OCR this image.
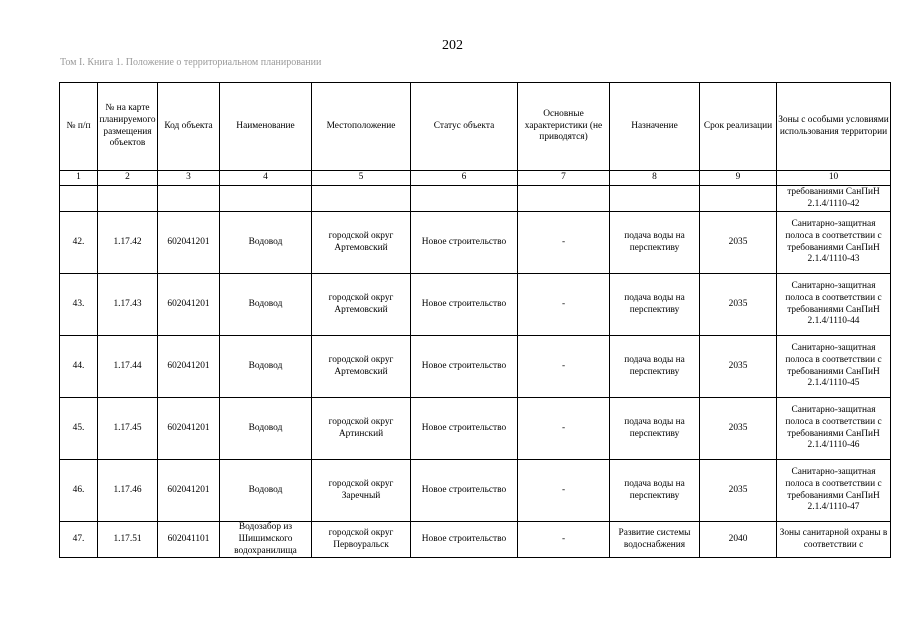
202
Том I. Книга 1. Положение о территориальном планировании
№ п/п	№ на карте планируемого размещения объектов	Код объекта	Наименование	Местоположение	Статус объекта	Основные характеристики (не приводятся)	Назначение	Срок реализации	Зоны с особыми условиями использования территории
1	2	3	4	5	6	7	8	9	10
									требованиями СанПиН 2.1.4/1110-42
42.	1.17.42	602041201	Водовод	городской округ Артемовский	Новое строительство	-	подача воды на перспективу	2035	Санитарно-защитная полоса в соответствии с требованиями СанПиН 2.1.4/1110-43
43.	1.17.43	602041201	Водовод	городской округ Артемовский	Новое строительство	-	подача воды на перспективу	2035	Санитарно-защитная полоса в соответствии с требованиями СанПиН 2.1.4/1110-44
44.	1.17.44	602041201	Водовод	городской округ Артемовский	Новое строительство	-	подача воды на перспективу	2035	Санитарно-защитная полоса в соответствии с требованиями СанПиН 2.1.4/1110-45
45.	1.17.45	602041201	Водовод	городской округ Артинский	Новое строительство	-	подача воды на перспективу	2035	Санитарно-защитная полоса в соответствии с требованиями СанПиН 2.1.4/1110-46
46.	1.17.46	602041201	Водовод	городской округ Заречный	Новое строительство	-	подача воды на перспективу	2035	Санитарно-защитная полоса в соответствии с требованиями СанПиН 2.1.4/1110-47
47.	1.17.51	602041101	Водозабор из Шишимского водохранилища	городской округ Первоуральск	Новое строительство	-	Развитие системы водоснабжения	2040	Зоны санитарной охраны в соответствии с
